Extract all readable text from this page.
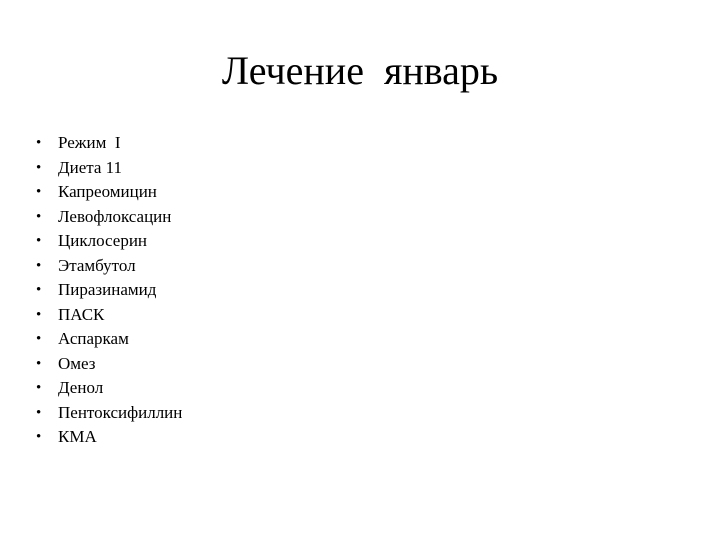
Лечение  январь
• Режим  I
• Диета 11
• Капреомицин
• Левофлоксацин
• Циклосерин
• Этамбутол
• Пиразинамид
• ПАСК
• Аспаркам
• Омез
• Денол
• Пентоксифиллин
• КМА
